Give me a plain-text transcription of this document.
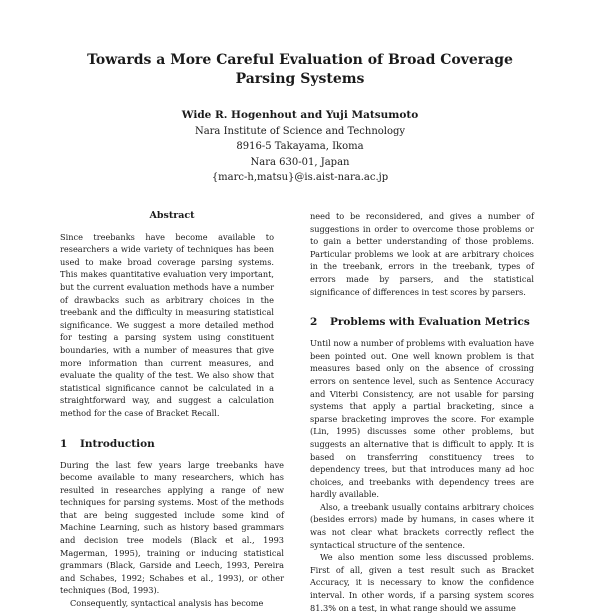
Towards a More Careful Evaluation of Broad Coverage Parsing Systems
Wide R. Hogenhout and Yuji Matsumoto
Nara Institute of Science and Technology
8916-5 Takayama, Ikoma
Nara 630-01, Japan
{marc-h,matsu}@is.aist-nara.ac.jp
Abstract

Since treebanks have become available to researchers a wide variety of techniques has been used to make broad coverage parsing systems. This makes quantitative evaluation very important, but the current evaluation methods have a number of drawbacks such as arbitrary choices in the treebank and the difficulty in measuring statistical significance. We suggest a more detailed method for testing a parsing system using constituent boundaries, with a number of measures that give more information than current measures, and evaluate the quality of the test. We also show that statistical significance cannot be calculated in a straightforward way, and suggest a calculation method for the case of Bracket Recall.

1	Introduction

During the last few years large treebanks have become available to many researchers, which has resulted in researches applying a range of new techniques for parsing systems. Most of the methods that are being suggested include some kind of Machine Learning, such as history based grammars and decision tree models (Black et al., 1993 Magerman, 1995), training or inducing statistical grammars (Black, Garside and Leech, 1993, Pereira and Schabes, 1992; Schabes et al., 1993), or other techniques (Bod, 1993).

Consequently, syntactical analysis has become

need to be reconsidered, and gives a number of suggestions in order to overcome those problems or to gain a better understanding of those problems. Particular problems we look at are arbitrary choices in the treebank, errors in the treebank, types of errors made by parsers, and the statistical significance of differences in test scores by parsers.

2	Problems with Evaluation Metrics

Until now a number of problems with evaluation have been pointed out. One well known problem is that measures based only on the absence of crossing errors on sentence level, such as Sentence Accuracy and Viterbi Consistency, are not usable for parsing systems that apply a partial bracketing, since a sparse bracketing improves the score. For example (Lin, 1995) discusses some other problems, but suggests an alternative that is difficult to apply. It is based on transferring constituency trees to dependency trees, but that introduces many ad hoc choices, and treebanks with dependency trees are hardly available.

Also, a treebank usually contains arbitrary choices (besides errors) made by humans, in cases where it was not clear what brackets correctly reflect the syntactical structure of the sentence.

We also mention some less discussed problems. First of all, given a test result such as Bracket Accuracy, it is necessary to know the confidence interval. In other words, if a parsing system scores 81.3% on a test, in what range should we assume
